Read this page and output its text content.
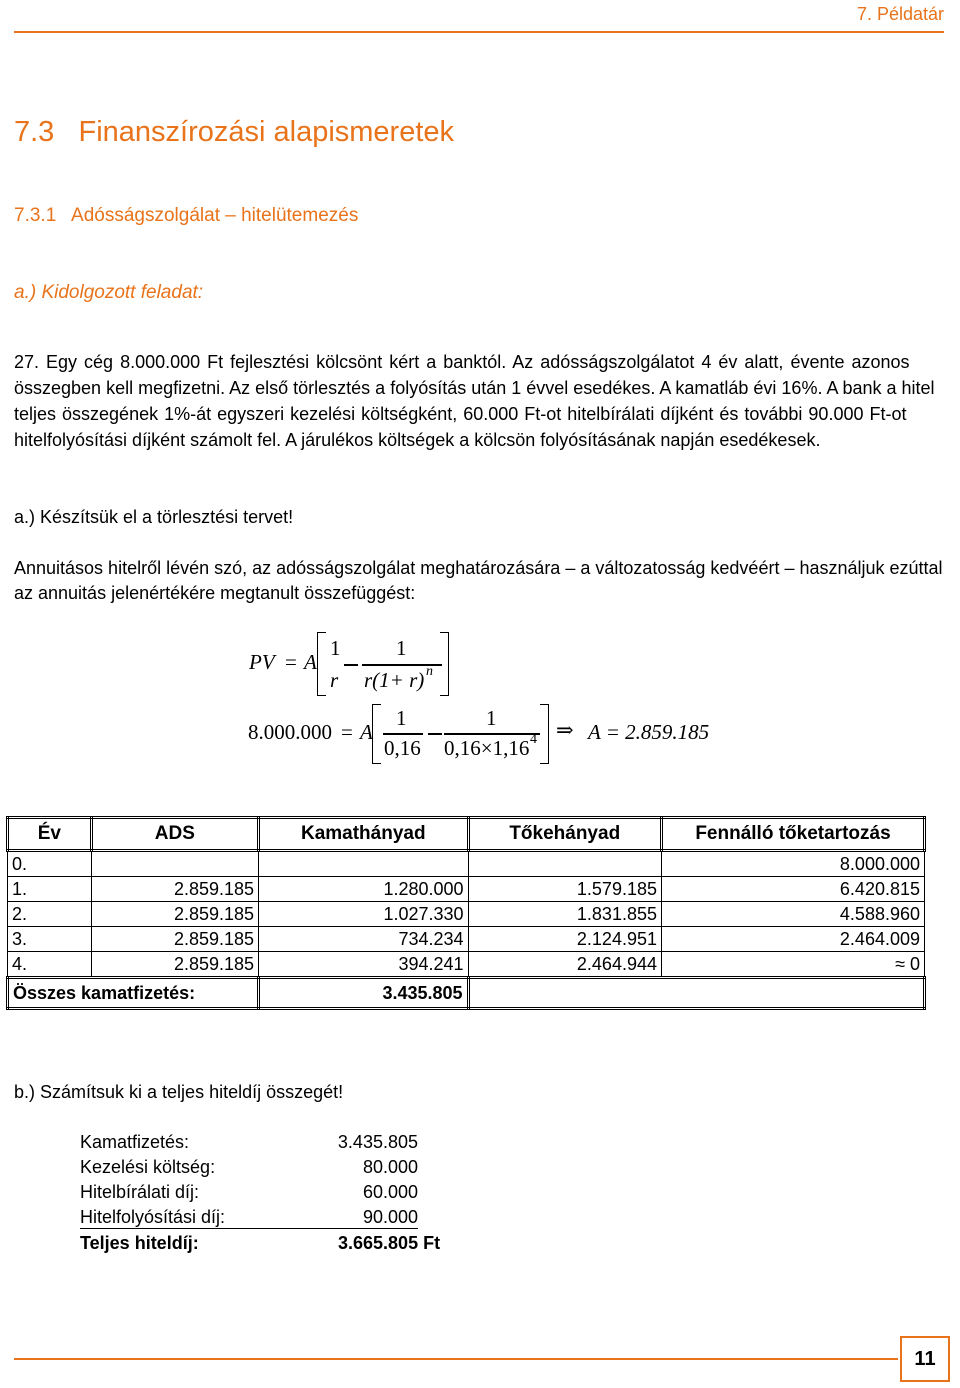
7. Példatár
7.3   Finanszírozási alapismeretek
7.3.1   Adósságszolgálat – hitelütemezés
a.) Kidolgozott feladat:
27. Egy cég 8.000.000 Ft fejlesztési kölcsönt kért a banktól. Az adósságszolgálatot 4 év alatt, évente azonos
összegben kell megfizetni. Az első törlesztés a folyósítás után 1 évvel esedékes. A kamatláb évi 16%. A bank a hitel
teljes összegének 1%-át egyszeri kezelési költségként, 60.000 Ft-ot hitelbírálati díjként és további 90.000 Ft-ot
hitelfolyósítási díjként számolt fel. A járulékos költségek a kölcsön folyósításának napján esedékesek.
a.) Készítsük el a törlesztési tervet!
Annuitásos hitelről lévén szó, az adósságszolgálat meghatározására – a változatosság kedvéért – használjuk ezúttal
az annuitás jelenértékére megtanult összefüggést:
PV = A
1
r
1
r(1+ r) n
8.000.000 = A
1
0,16
1
0,16×1,16 4 ⇒ A = 2.859.185
Év	ADS	Kamathányad	Tőkehányad	Fennálló tőketartozás
0.				8.000.000
1.	2.859.185	1.280.000	1.579.185	6.420.815
2.	2.859.185	1.027.330	1.831.855	4.588.960
3.	2.859.185	734.234	2.124.951	2.464.009
4.	2.859.185	394.241	2.464.944	≈ 0
Összes kamatfizetés:		3.435.805		
b.) Számítsuk ki a teljes hiteldíj összegét!
Kamatfizetés:	3.435.805
Kezelési költség:	80.000
Hitelbírálati díj:	60.000
Hitelfolyósítási díj:	90.000
Teljes hiteldíj:	3.665.805 Ft
11
